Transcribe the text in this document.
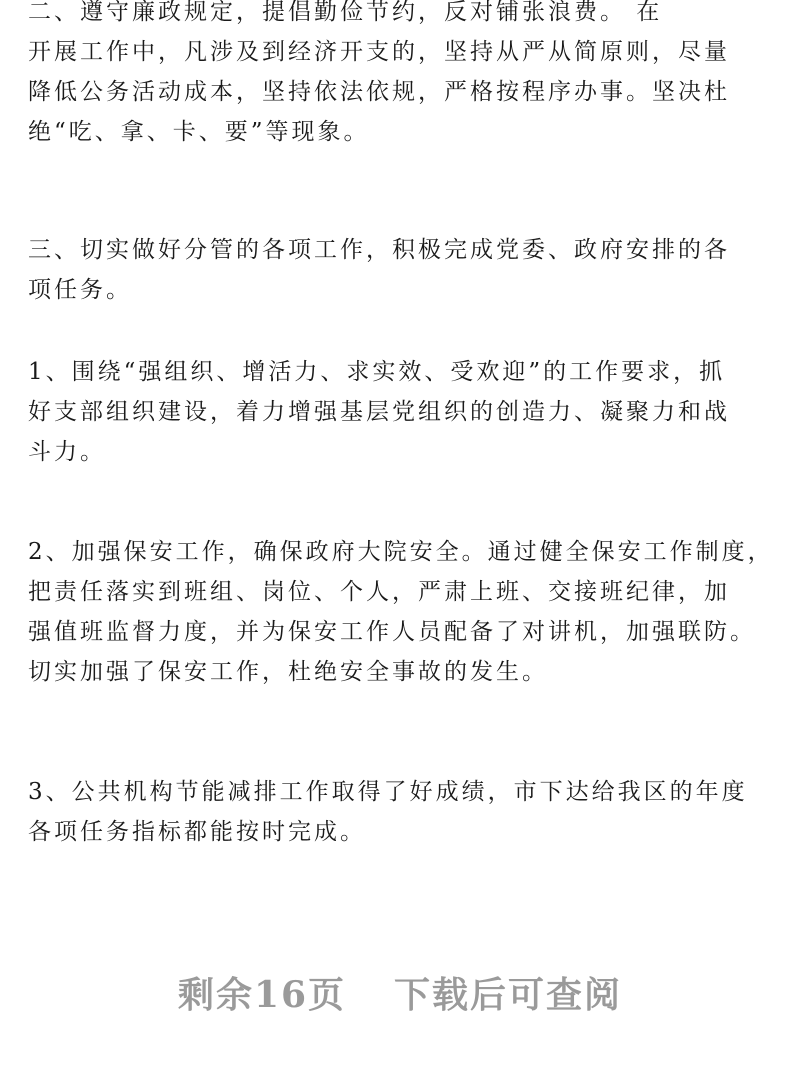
二、遵守廉政规定，提倡勤俭节约，反对铺张浪费。 在
开展工作中，凡涉及到经济开支的，坚持从严从简原则，尽量
降低公务活动成本，坚持依法依规，严格按程序办事。坚决杜
绝“吃、拿、卡、要”等现象。
三、切实做好分管的各项工作，积极完成党委、政府安排的各
项任务。
1、围绕“强组织、增活力、求实效、受欢迎”的工作要求，抓
好支部组织建设，着力增强基层党组织的创造力、凝聚力和战
斗力。
2、加强保安工作，确保政府大院安全。通过健全保安工作制度，
把责任落实到班组、岗位、个人，严肃上班、交接班纪律，加
强值班监督力度，并为保安工作人员配备了对讲机，加强联防。
切实加强了保安工作，杜绝安全事故的发生。
3、公共机构节能减排工作取得了好成绩，市下达给我区的年度
各项任务指标都能按时完成。
剩余16页 下载后可查阅
